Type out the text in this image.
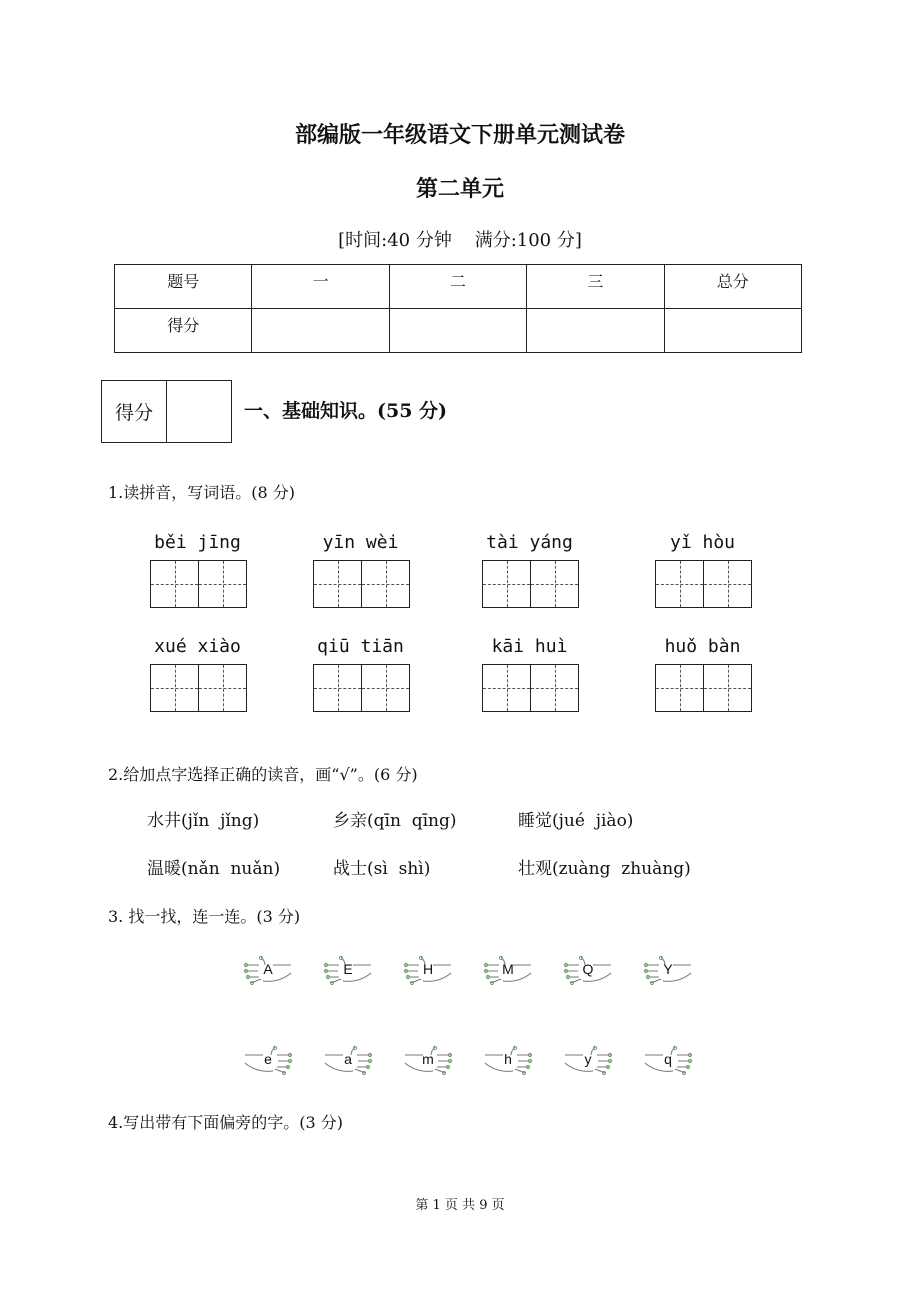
部编版一年级语文下册单元测试卷
第二单元
[时间:40 分钟    满分:100 分]
题号	一	二	三	总分
得分				
得分	一、基础知识。(55 分)
1.读拼音，写词语。(8 分)
běi jīng	yīn wèi	tài yáng	yǐ hòu
xué xiào	qiū tiān	kāi huì	huǒ bàn
2.给加点字选择正确的读音，画“√”。(6 分)
水井(jǐn  jǐng)	乡亲(qīn  qīng)	睡觉(jué  jiào)
温暖(nǎn  nuǎn)	战士(sì  shì)	壮观(zuàng  zhuàng)
3. 找一找，连一连。(3 分)
A	E	H	M	Q	Y
e	a	m	h	y	q
4.写出带有下面偏旁的字。(3 分)
第 1 页 共 9 页
